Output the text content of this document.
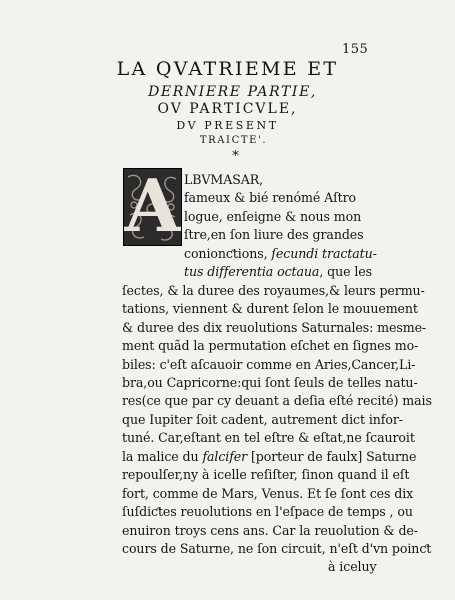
155
LA QVATRIEME ET
DERNIERE PARTIE,
OV PARTICVLE,
DV PRESENT
TRAICTE'.
*
A LBVMASAR,
fameux & bié renómé Aſtro
logue, enſeigne & nous mon
ſtre,en ſon liure des grandes
conionƈtions, ſecundi tractatu-
tus differentia octaua, que les
ſectes, & la duree des royaumes,& leurs permu-
tations, viennent & durent ſelon le mouuement
& duree des dix reuolutions Saturnales: mesme-
ment quãd la permutation eſchet en ſignes mo-
biles: c'eſt aſcauoir comme en Aries,Cancer,Li-
bra,ou Capricorne:qui ſont ſeuls de telles natu-
res(ce que par cy deuant a deſia eſté recité) mais
que Iupiter ſoit cadent, autrement dict infor-
tuné. Car,eſtant en tel eſtre & eſtat,ne ſcauroit
la malice du falcifer [porteur de faulx] Saturne
repoulſer,ny à icelle reſiſter, ſinon quand il eſt
fort, comme de Mars, Venus. Et ſe ſont ces dix
ſuſdiƈtes reuolutions en l'eſpace de temps , ou
enuiron troys cens ans. Car la reuolution & de-
cours de Saturne, ne ſon circuit, n'eſt d'vn poinƈt
à iceluy
